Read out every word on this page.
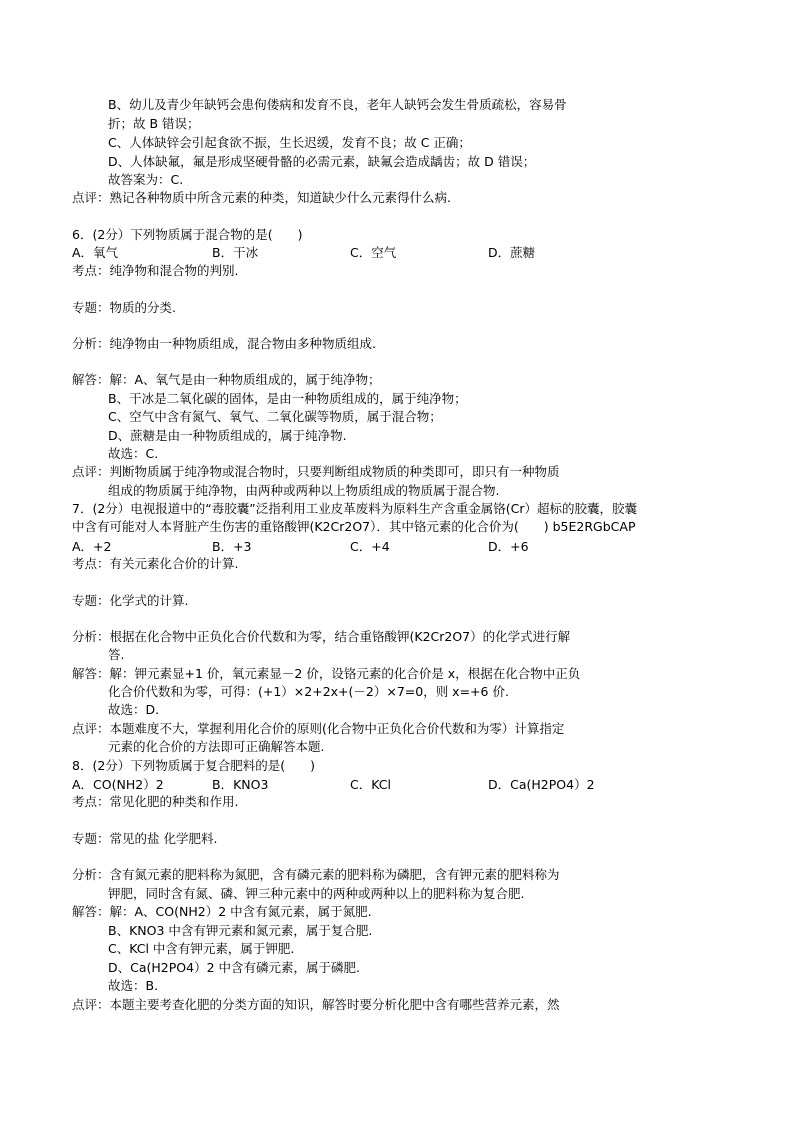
B、幼儿及青少年缺钙会患佝偻病和发育不良，老年人缺钙会发生骨质疏松，容易骨
折；故 B 错误；
C、人体缺锌会引起食欲不振，生长迟缓，发育不良；故 C 正确；
D、人体缺氟，氟是形成坚硬骨骼的必需元素，缺氟会造成龋齿；故 D 错误；
故答案为：C.
点评：熟记各种物质中所含元素的种类，知道缺少什么元素得什么病.
6．(2分）下列物质属于混合物的是(　　)
A．氧气	B．干冰	C．空气	D．蔗糖
考点：纯净物和混合物的判别.
专题：物质的分类.
分析：纯净物由一种物质组成，混合物由多种物质组成.
解答：解：A、氧气是由一种物质组成的，属于纯净物；
B、干冰是二氧化碳的固体，是由一种物质组成的，属于纯净物；
C、空气中含有氮气、氧气、二氧化碳等物质，属于混合物；
D、蔗糖是由一种物质组成的，属于纯净物.
故选：C.
点评：判断物质属于纯净物或混合物时，只要判断组成物质的种类即可，即只有一种物质
组成的物质属于纯净物，由两种或两种以上物质组成的物质属于混合物.
7．(2分）电视报道中的“毒胶囊”泛指利用工业皮革废料为原料生产含重金属铬(Cr）超标的胶囊，胶囊
中含有可能对人本肾脏产生伤害的重铬酸钾(K2Cr2O7）．其中铬元素的化合价为(　　) b5E2RGbCAP
A．+2	B．+3	C．+4	D．+6
考点：有关元素化合价的计算.
专题：化学式的计算.
分析：根据在化合物中正负化合价代数和为零，结合重铬酸钾(K2Cr2O7）的化学式进行解
答.
解答：解：钾元素显+1 价，氧元素显－2 价，设铬元素的化合价是 x，根据在化合物中正负
化合价代数和为零，可得：(+1）×2+2x+(－2）×7=0，则 x=+6 价.
故选：D.
点评：本题难度不大，掌握利用化合价的原则(化合物中正负化合价代数和为零）计算指定
元素的化合价的方法即可正确解答本题.
8．(2分）下列物质属于复合肥料的是(　　)
A．CO(NH2）2	B．KNO3	C．KCl	D．Ca(H2PO4）2
考点：常见化肥的种类和作用.
专题：常见的盐 化学肥料.
分析：含有氮元素的肥料称为氮肥，含有磷元素的肥料称为磷肥，含有钾元素的肥料称为
钾肥，同时含有氮、磷、钾三种元素中的两种或两种以上的肥料称为复合肥.
解答：解：A、CO(NH2）2 中含有氮元素，属于氮肥.
B、KNO3 中含有钾元素和氮元素，属于复合肥.
C、KCl 中含有钾元素，属于钾肥.
D、Ca(H2PO4）2 中含有磷元素，属于磷肥.
故选：B.
点评：本题主要考查化肥的分类方面的知识，解答时要分析化肥中含有哪些营养元素，然
